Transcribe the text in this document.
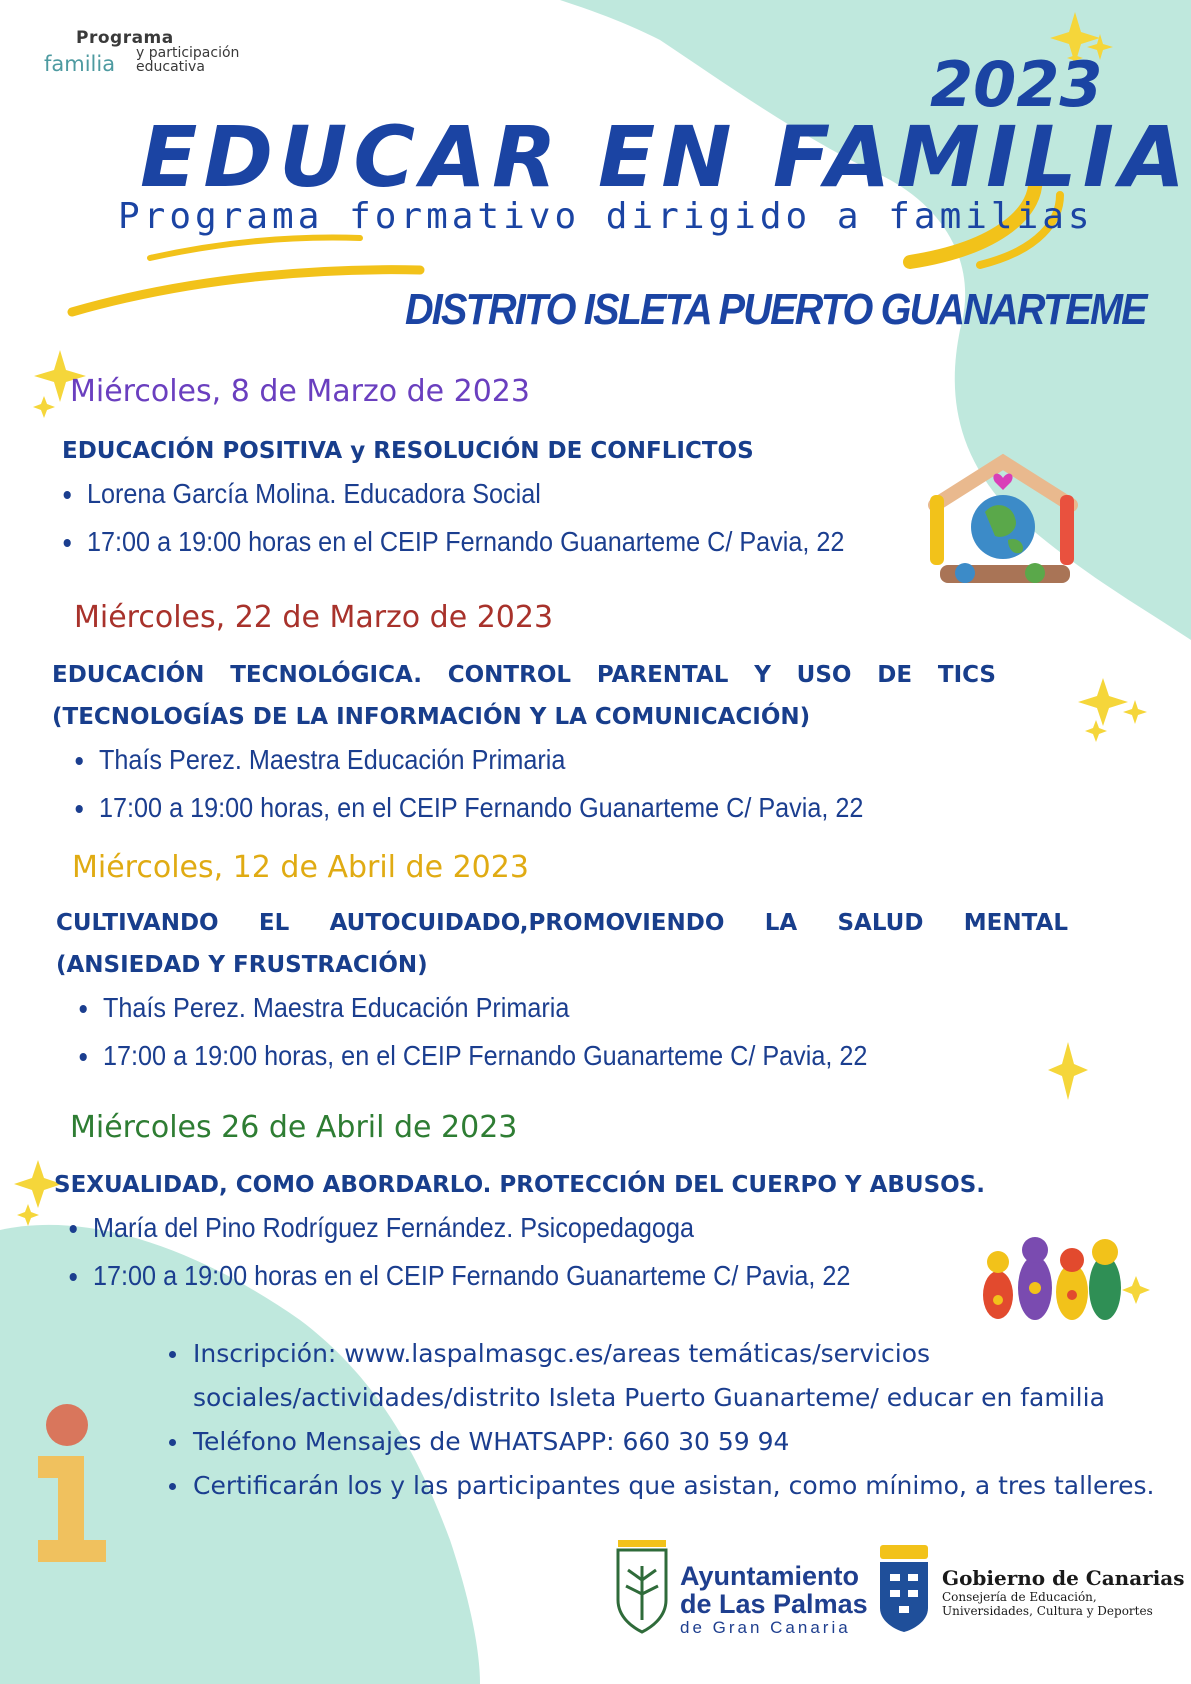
Programa
familia y participación
educativa	2023
EDUCAR EN FAMILIA
Programa formativo dirigido a familias
DISTRITO ISLETA PUERTO GUANARTEME
Miércoles, 8 de Marzo de 2023
EDUCACIÓN POSITIVA y RESOLUCIÓN DE CONFLICTOS
Lorena García Molina. Educadora Social
17:00 a 19:00 horas en el CEIP Fernando Guanarteme C/ Pavia, 22
Miércoles, 22 de Marzo de 2023
EDUCACIÓN TECNOLÓGICA. CONTROL PARENTAL Y USO DE TICS
(TECNOLOGÍAS DE LA INFORMACIÓN Y LA COMUNICACIÓN)
Thaís Perez. Maestra Educación Primaria
17:00 a 19:00 horas, en el CEIP Fernando Guanarteme C/ Pavia, 22
Miércoles, 12 de Abril de 2023
CULTIVANDO EL AUTOCUIDADO,PROMOVIENDO LA SALUD MENTAL
(ANSIEDAD Y FRUSTRACIÓN)
Thaís Perez. Maestra Educación Primaria
17:00 a 19:00 horas, en el CEIP Fernando Guanarteme C/ Pavia, 22
Miércoles 26 de Abril de 2023
SEXUALIDAD, COMO ABORDARLO. PROTECCIÓN DEL CUERPO Y ABUSOS.
María del Pino Rodríguez Fernández. Psicopedagoga
17:00 a 19:00 horas en el CEIP Fernando Guanarteme C/ Pavia, 22
Inscripción: www.laspalmasgc.es/areas temáticas/servicios
sociales/actividades/distrito Isleta Puerto Guanarteme/ educar en familia
Teléfono Mensajes de WHATSAPP: 660 30 59 94
Certificarán los y las participantes que asistan, como mínimo, a tres talleres.
Ayuntamiento
de Las Palmas
de Gran Canaria
Gobierno de Canarias
Consejería de Educación,
Universidades, Cultura y Deportes
